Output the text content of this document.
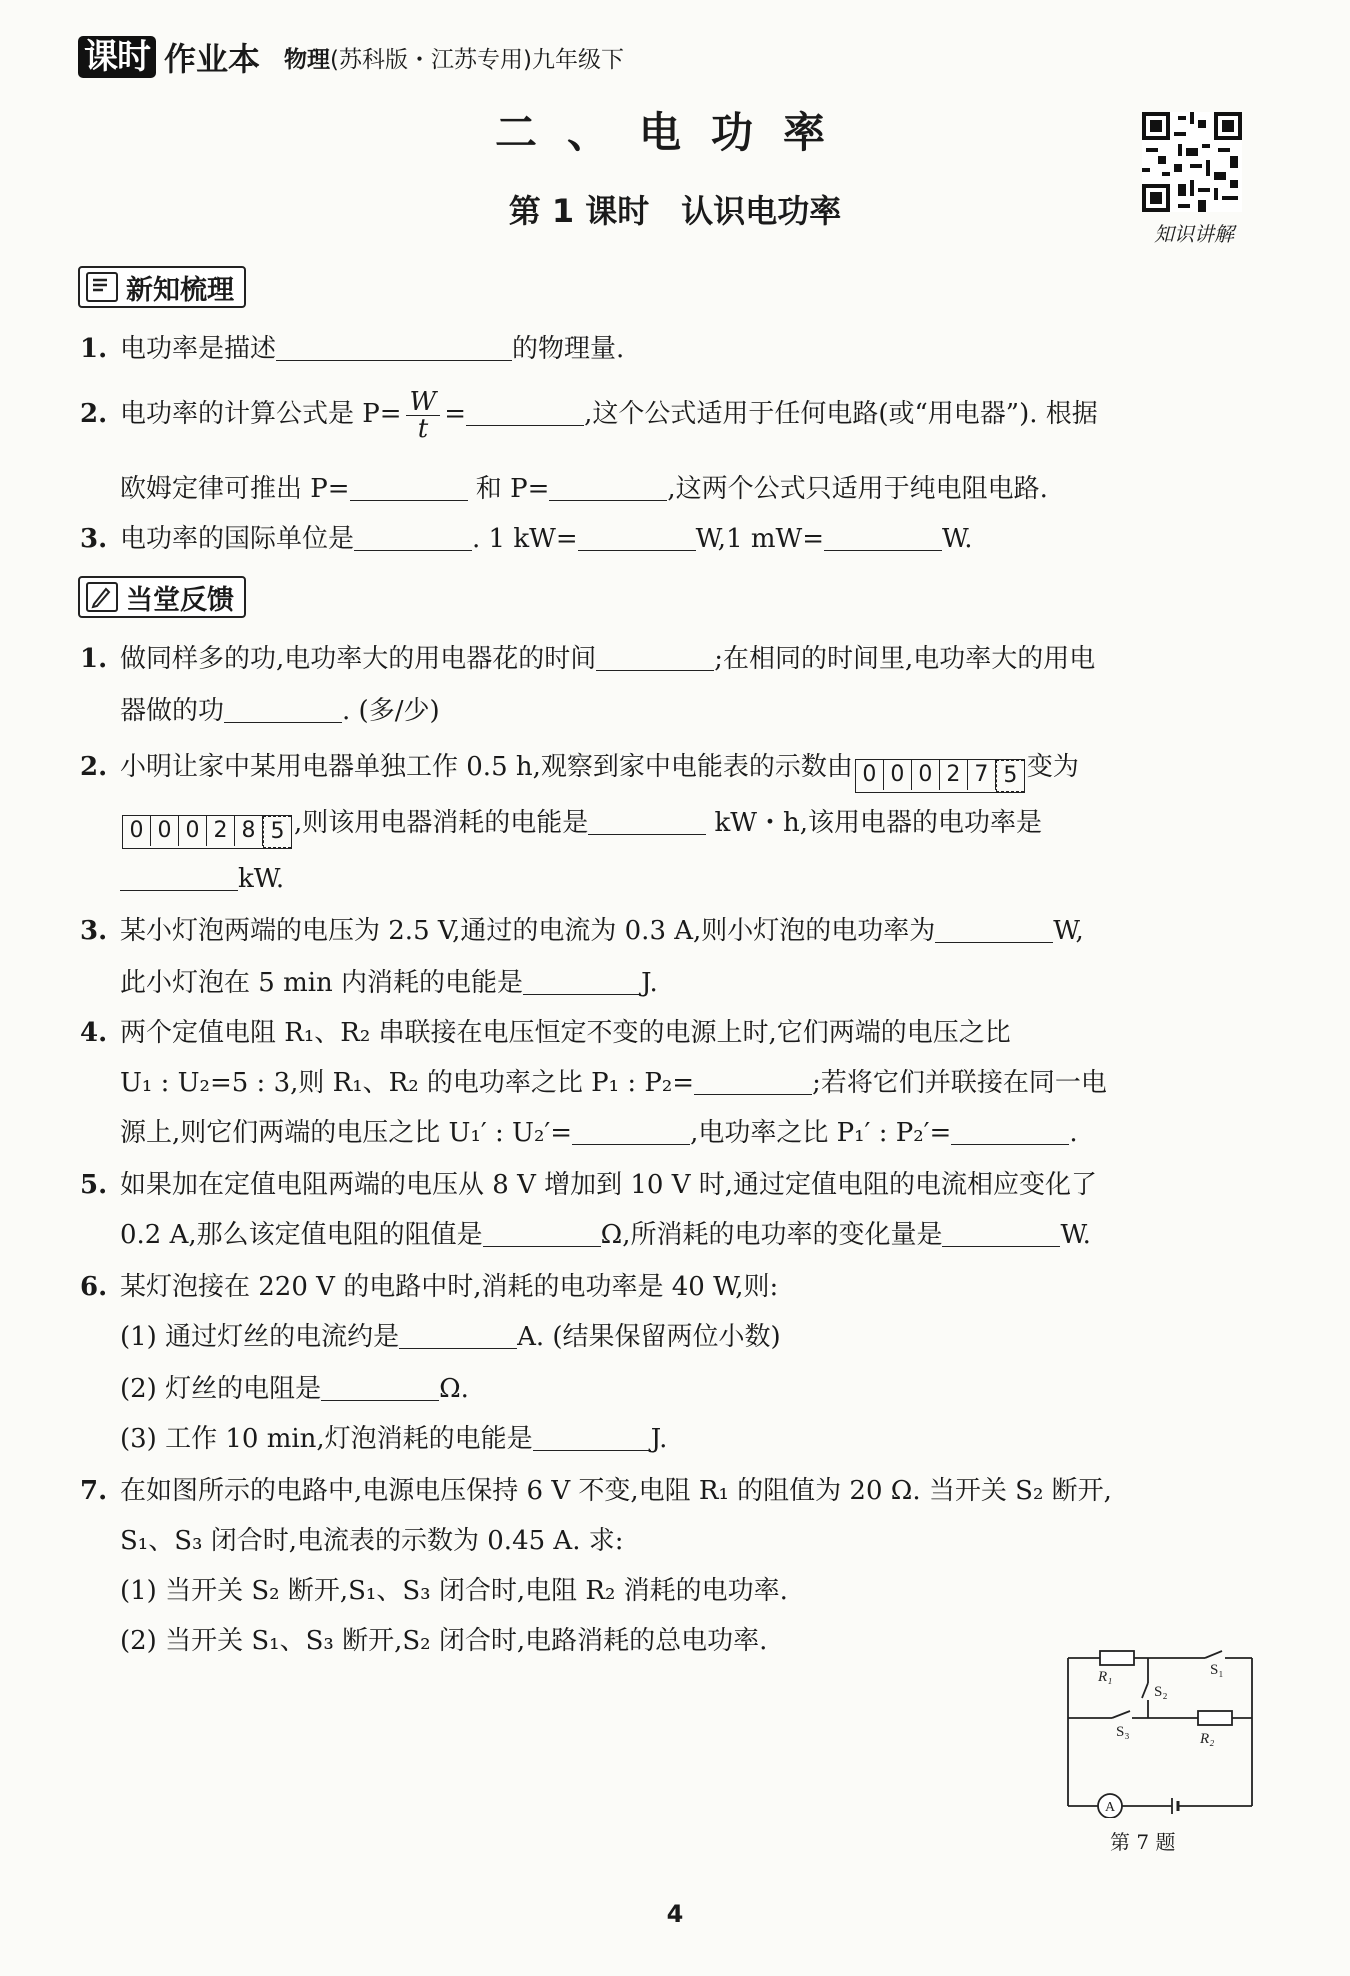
课时 作业本 物理(苏科版・江苏专用)九年级下
二、电功率
第 1 课时　认识电功率
知识讲解
新知梳理
1. 电功率是描述	的物理量.
2. 电功率的计算公式是 $P= \frac{W}{t}$ =	,这个公式适用于任何电路(或“用电器”). 根据
欧姆定律可推出 P=	和 P=	,这两个公式只适用于纯电阻电路.
3. 电功率的国际单位是	. 1 kW=	W,1 mW=	W.
当堂反馈
1. 做同样多的功,电功率大的用电器花的时间	;在相同的时间里,电功率大的用电
器做的功	. (多/少)
2. 小明让家中某用电器单独工作 0.5 h,观察到家中电能表的示数由 0 0 0 2 7 5 变为
0 0 0 2 8 5 ,则该用电器消耗的电能是	kW・h,该用电器的电功率是
kW.
3. 某小灯泡两端的电压为 2.5 V,通过的电流为 0.3 A,则小灯泡的电功率为	W,
此小灯泡在 5 min 内消耗的电能是	J.
4. 两个定值电阻 R₁、R₂ 串联接在电压恒定不变的电源上时,它们两端的电压之比
U₁ : U₂=5 : 3,则 R₁、R₂ 的电功率之比 P₁ : P₂=	;若将它们并联接在同一电
源上,则它们两端的电压之比 U₁′ : U₂′=	,电功率之比 P₁′ : P₂′=	.
5. 如果加在定值电阻两端的电压从 8 V 增加到 10 V 时,通过定值电阻的电流相应变化了
0.2 A,那么该定值电阻的阻值是	Ω,所消耗的电功率的变化量是	W.
6. 某灯泡接在 220 V 的电路中时,消耗的电功率是 40 W,则:
(1) 通过灯丝的电流约是	A. (结果保留两位小数)
(2) 灯丝的电阻是	Ω.
(3) 工作 10 min,灯泡消耗的电能是	J.
7. 在如图所示的电路中,电源电压保持 6 V 不变,电阻 R₁ 的阻值为 20 Ω. 当开关 S₂ 断开,
S₁、S₃ 闭合时,电流表的示数为 0.45 A. 求:
(1) 当开关 S₂ 断开,S₁、S₃ 闭合时,电阻 R₂ 消耗的电功率.
(2) 当开关 S₁、S₃ 断开,S₂ 闭合时,电路消耗的总电功率.
R₁
R₂
S₁
S₂
S₃
A
第 7 题
4
